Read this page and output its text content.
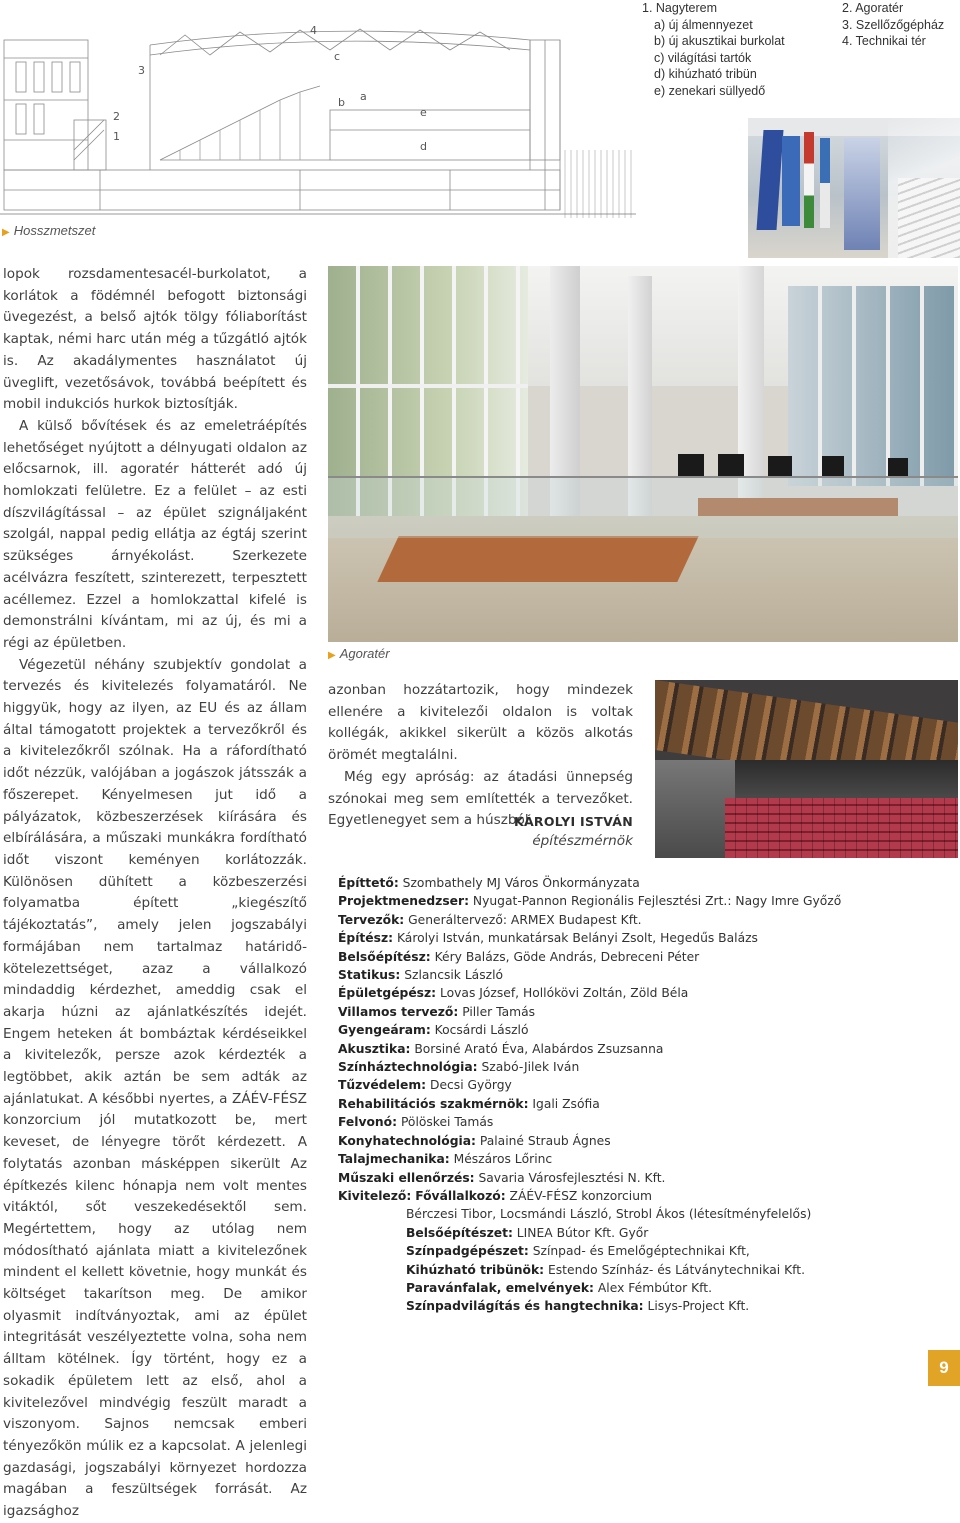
3
4
c
a
b
e
2
1
d
1. Nagyterem
a) új álmennyezet
b) új akusztikai burkolat
c) világítási tartók
d) kihúzható tribün
e) zenekari süllyedő
2. Agoratér
3. Szellőzőgépház
4. Technikai tér
▶ Hosszmetszet

lopok rozsdamentesacél-burkolatot, a korlátok a födémnél befogott biztonsági üvegezést, a belső ajtók tölgy fóliaborítást kaptak, némi harc után még a tűzgátló ajtók is. Az akadálymentes használatot új üveglift, vezetősávok, továbbá beépített és mobil indukciós hurkok biztosítják.

A külső bővítések és az emeletráépítés lehetőséget nyújtott a délnyugati oldalon az előcsarnok, ill. agoratér hátterét adó új homlokzati felületre. Ez a felület – az esti díszvilágítással – az épület szignáljaként szolgál, nappal pedig ellátja az égtáj szerint szükséges árnyékolást. Szerkezete acélvázra feszített, szinterezett, terpesztett acéllemez. Ezzel a homlokzattal kifelé is demonstrálni kívántam, mi az új, és mi a régi az épületben.

Végezetül néhány szubjektív gondolat a tervezés és kivitelezés folyamatáról. Ne higgyük, hogy az ilyen, az EU és az állam által támogatott projektek a tervezőkről és a kivitelezőkről szólnak. Ha a ráfordítható időt nézzük, valójában a jogászok játsszák a főszerepet. Kényelmesen jut idő a pályázatok, közbeszerzések kiírására és elbírálására, a műszaki munkákra fordítható időt viszont keményen korlátozzák. Különösen dühített a közbeszerzési folyamatba épített „kiegészítő tájékoztatás”, amely jelen jogszabályi formájában nem tartalmaz határidő-kötelezettséget, azaz a vállalkozó mindaddig kérdezhet, ameddig csak el akarja húzni az ajánlatkészítés idejét. Engem heteken át bombáztak kérdéseikkel a kivitelezők, persze azok kérdezték a legtöbbet, akik aztán be sem adták az ajánlatukat. A későbbi nyertes, a ZÁÉV-FÉSZ konzorcium jól mutatkozott be, mert keveset, de lényegre törőt kérdezett. A folytatás azonban másképpen sikerült Az építkezés kilenc hónapja nem volt mentes vitáktól, sőt veszekedésektől sem. Megértettem, hogy az utólag nem módosítható ajánlata miatt a kivitelezőnek mindent el kellett követnie, hogy munkát és költséget takarítson meg. De amikor olyasmit indítványoztak, ami az épület integritását veszélyeztette volna, soha nem álltam kötélnek. Így történt, hogy ez a sokadik épületem lett az első, ahol a kivitelezővel mindvégig feszült maradt a viszonyom. Sajnos nemcsak emberi tényezőkön múlik ez a kapcsolat. A jelenlegi gazdasági, jogszabályi környezet hordozza magában a feszültségek forrását. Az igazsághoz

▶ Agoratér

azonban hozzátartozik, hogy mindezek ellenére a kivitelezői oldalon is voltak kollégák, akikkel sikerült a közös alkotás örömét megtalálni.

Még egy apróság: az átadási ünnepség szónokai meg sem említették a tervezőket. Egyetlenegyet sem a húszból.

KÁROLYI ISTVÁN
építészmérnök
Építtető: Szombathely MJ Város Önkormányzata
Projektmenedzser: Nyugat-Pannon Regionális Fejlesztési Zrt.: Nagy Imre Győző
Tervezők: Generáltervező: ARMEX Budapest Kft.
Építész: Károlyi István, munkatársak Belányi Zsolt, Hegedűs Balázs
Belsőépítész: Kéry Balázs, Göde András, Debreceni Péter
Statikus: Szlancsik László
Épületgépész: Lovas József, Hollókövi Zoltán, Zöld Béla
Villamos tervező: Piller Tamás
Gyengeáram: Kocsárdi László
Akusztika: Borsiné Arató Éva, Alabárdos Zsuzsanna
Színháztechnológia: Szabó-Jilek Iván
Tűzvédelem: Decsi György
Rehabilitációs szakmérnök: Igali Zsófia
Felvonó: Pölöskei Tamás
Konyhatechnológia: Palainé Straub Ágnes
Talajmechanika: Mészáros Lőrinc
Műszaki ellenőrzés: Savaria Városfejlesztési N. Kft.
Kivitelező: Fővállalkozó: ZÁÉV-FÉSZ konzorcium
Bérczesi Tibor, Locsmándi László, Strobl Ákos (létesítményfelelős)
Belsőépítészet: LINEA Bútor Kft. Győr
Színpadgépészet: Színpad- és Emelőgéptechnikai Kft,
Kihúzható tribünök: Estendo Színház- és Látványtechnikai Kft.
Paravánfalak, emelvények: Alex Fémbútor Kft.
Színpadvilágítás és hangtechnika: Lisys-Project Kft.
9
